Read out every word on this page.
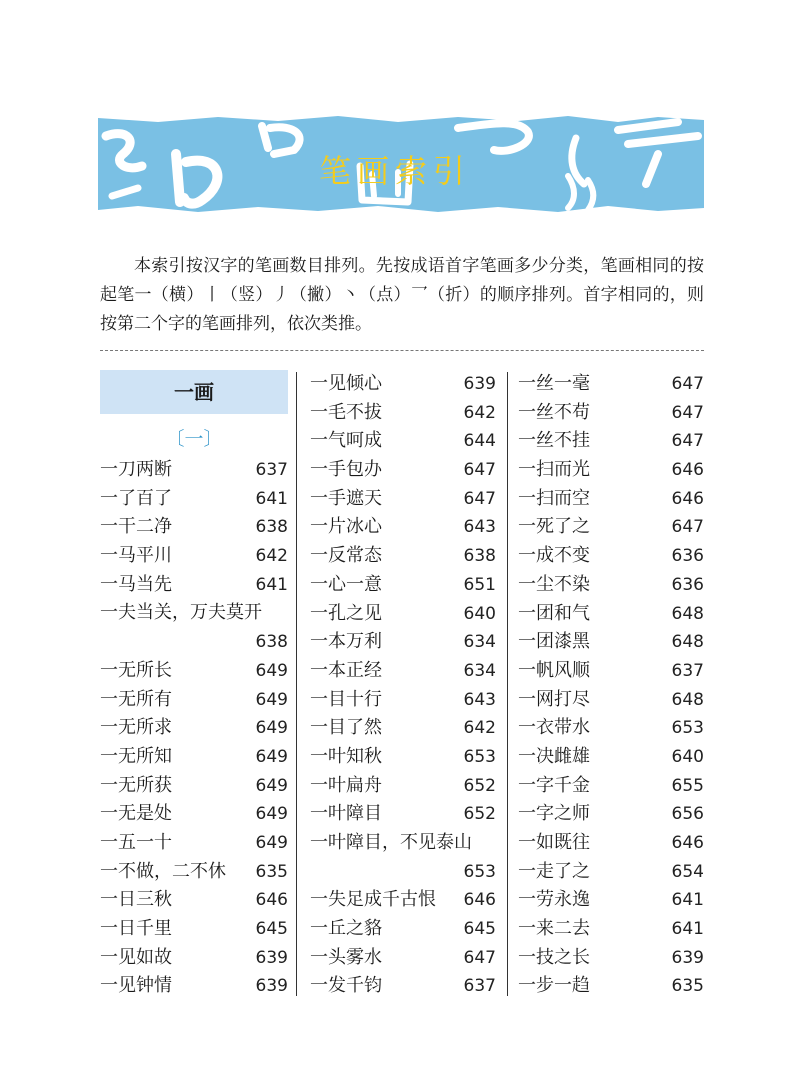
笔画索引

本索引按汉字的笔画数目排列。先按成语首字笔画多少分类，笔画相同的按起笔一（横）丨（竖）丿（撇）丶（点）乛（折）的顺序排列。首字相同的，则按第二个字的笔画排列，依次类推。

一画
〔一〕
一刀两断	637
一了百了	641
一干二净	638
一马平川	642
一马当先	641
一夫当关，万夫莫开
638
一无所长	649
一无所有	649
一无所求	649
一无所知	649
一无所获	649
一无是处	649
一五一十	649
一不做，二不休 635
一日三秋	646
一日千里	645
一见如故	639
一见钟情	639
一见倾心	639
一毛不拔	642
一气呵成	644
一手包办	647
一手遮天	647
一片冰心	643
一反常态	638
一心一意	651
一孔之见	640
一本万利	634
一本正经	634
一目十行	643
一目了然	642
一叶知秋	653
一叶扁舟	652
一叶障目	652
一叶障目，不见泰山
653
一失足成千古恨 646
一丘之貉	645
一头雾水	647
一发千钧	637
一丝一毫	647
一丝不苟	647
一丝不挂	647
一扫而光	646
一扫而空	646
一死了之	647
一成不变	636
一尘不染	636
一团和气	648
一团漆黑	648
一帆风顺	637
一网打尽	648
一衣带水	653
一决雌雄	640
一字千金	655
一字之师	656
一如既往	646
一走了之	654
一劳永逸	641
一来二去	641
一技之长	639
一步一趋	635
